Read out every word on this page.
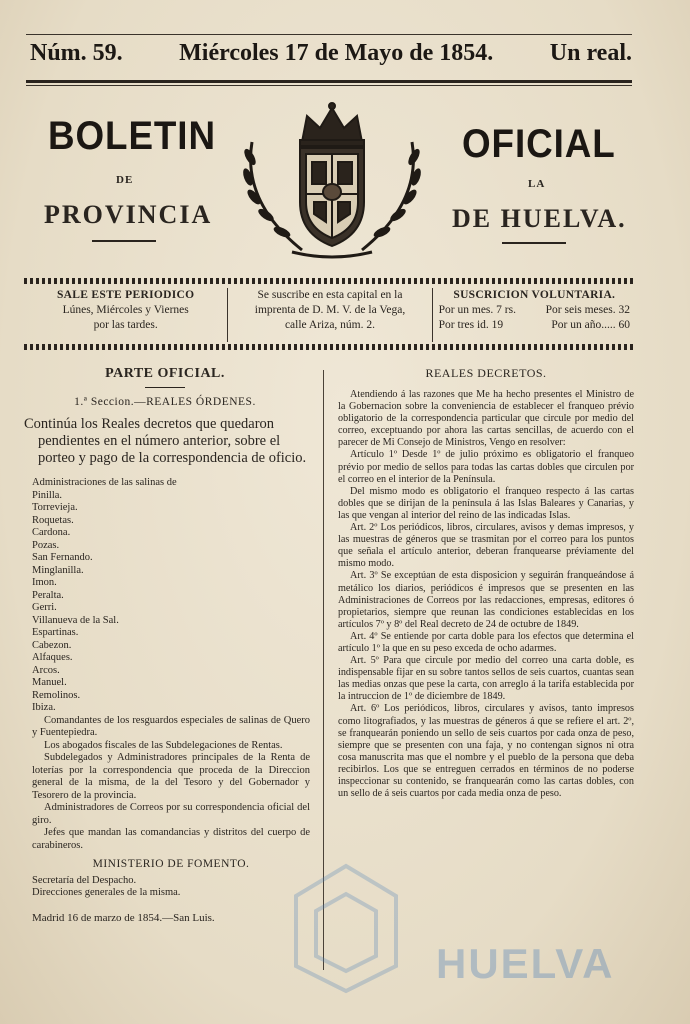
Núm. 59. Miércoles 17 de Mayo de 1854. Un real.
BOLETIN
DE
PROVINCIA
OFICIAL
LA
DE HUELVA.
SALE ESTE PERIODICO
Lúnes, Miércoles y Viernes
por las tardes.
Se suscribe en esta capital en la
imprenta de D. M. V. de la Vega,
calle Ariza, núm. 2.
SUSCRICION VOLUNTARIA.
Por un mes. 7 rs.	Por seis meses. 32
Por tres id. 19	Por un año..... 60
PARTE OFICIAL.
1.ª Seccion.—REALES ÓRDENES.
Continúa los Reales decretos que quedaron pendientes en el número anterior, sobre el porteo y pago de la correspondencia de oficio.
Administraciones de las salinas de
Pinilla.
Torrevieja.
Roquetas.
Cardona.
Pozas.
San Fernando.
Minglanilla.
Imon.
Peralta.
Gerri.
Villanueva de la Sal.
Espartinas.
Cabezon.
Alfaques.
Arcos.
Manuel.
Remolinos.
Ibiza.
Comandantes de los resguardos especiales de salinas de Quero y Fuentepiedra.
Los abogados fiscales de las Subdelegaciones de Rentas.
Subdelegados y Administradores principales de la Renta de loterías por la correspondencia que proceda de la Direccion general de la misma, de la del Tesoro y del Gobernador y Tesorero de la provincia.
Administradores de Correos por su correspondencia oficial del giro.
Jefes que mandan las comandancias y distritos del cuerpo de carabineros.
MINISTERIO DE FOMENTO.
Secretaría del Despacho.
Direcciones generales de la misma.
Madrid 16 de marzo de 1854.—San Luis.
REALES DECRETOS.
Atendiendo á las razones que Me ha hecho presentes el Ministro de la Gobernacion sobre la conveniencia de establecer el franqueo prévio obligatorio de la correspondencia particular que circule por medio del correo, exceptuando por ahora las cartas sencillas, de acuerdo con el parecer de Mi Consejo de Ministros, Vengo en resolver:
Artículo 1º Desde 1º de julio próximo es obligatorio el franqueo prévio por medio de sellos para todas las cartas dobles que circulen por el correo en el interior de la Península.
Del mismo modo es obligatorio el franqueo respecto á las cartas dobles que se dirijan de la península á las Islas Baleares y Canarias, y las que vengan al interior del reino de las indicadas Islas.
Art. 2º Los periódicos, libros, circulares, avisos y demas impresos, y las muestras de géneros que se trasmitan por el correo para los puntos que señala el artículo anterior, deberan franquearse préviamente del mismo modo.
Art. 3º Se exceptúan de esta disposicion y seguirán franqueándose á metálico los diarios, periódicos é impresos que se presenten en las Administraciones de Correos por las redacciones, empresas, editores ó propietarios, siempre que reunan las condiciones establecidas en los artículos 7º y 8º del Real decreto de 24 de octubre de 1849.
Art. 4º Se entiende por carta doble para los efectos que determina el artículo 1º la que en su peso exceda de ocho adarmes.
Art. 5º Para que circule por medio del correo una carta doble, es indispensable fijar en su sobre tantos sellos de seis cuartos, cuantas sean las medias onzas que pese la carta, con arreglo á la tarifa establecida por la intruccion de 1º de diciembre de 1849.
Art. 6º Los periódicos, libros, circulares y avisos, tanto impresos como litografiados, y las muestras de géneros á que se refiere el art. 2º, se franquearán poniendo un sello de seis cuartos por cada onza de peso, siempre que se presenten con una faja, y no contengan signos ni otra cosa manuscrita mas que el nombre y el pueblo de la persona que deba recibirlos. Los que se entreguen cerrados en términos de no poderse inspeccionar su contenido, se franquearán como las cartas dobles, con un sello de á seis cuartos por cada media onza de peso.
HUELVA
